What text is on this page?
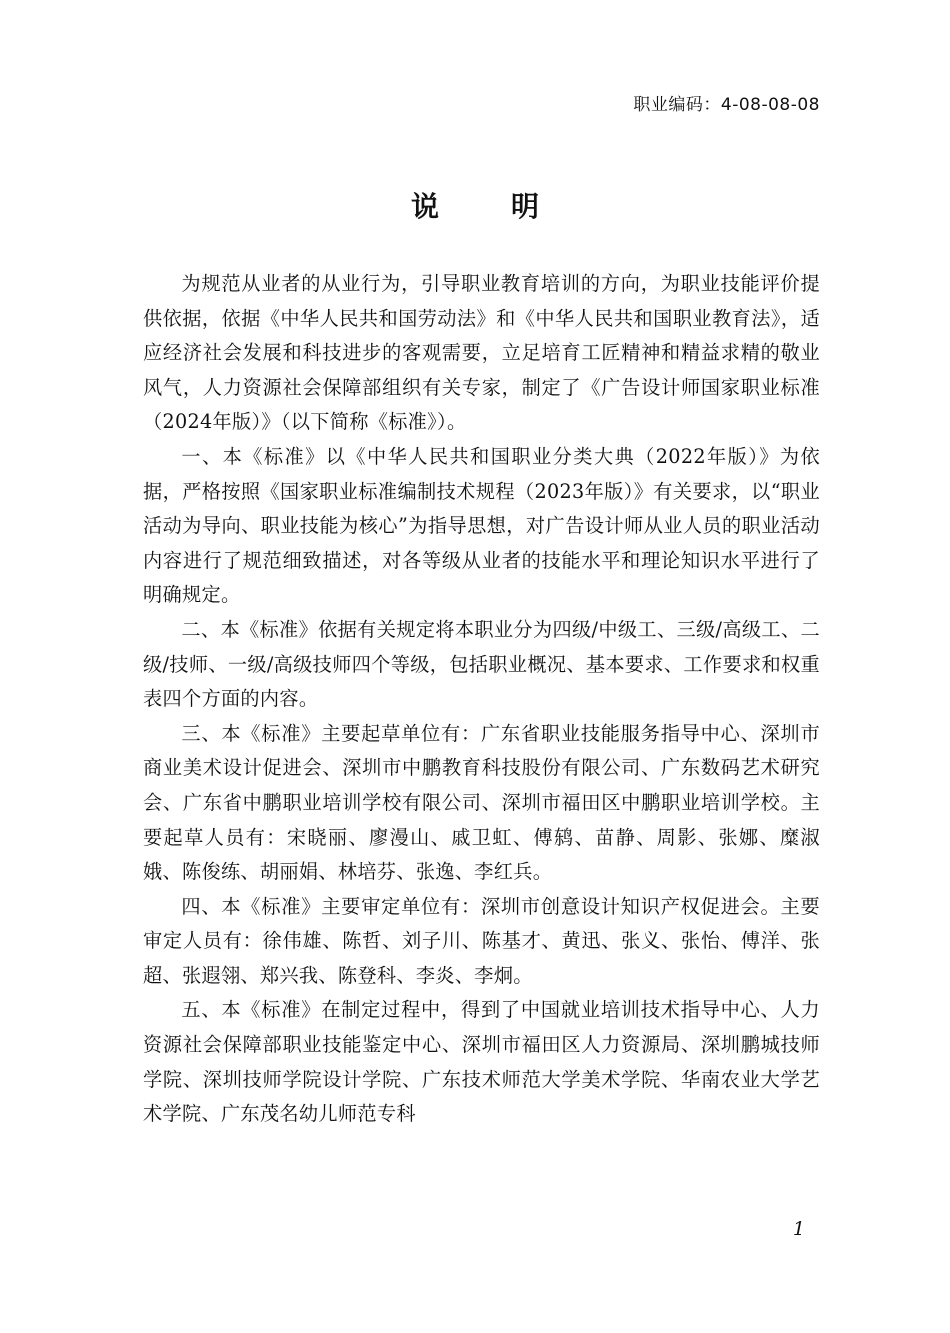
职业编码：4-08-08-08
说明

为规范从业者的从业行为，引导职业教育培训的方向，为职业技能评价提供依据，依据《中华人民共和国劳动法》和《中华人民共和国职业教育法》，适应经济社会发展和科技进步的客观需要，立足培育工匠精神和精益求精的敬业风气，人力资源社会保障部组织有关专家，制定了《广告设计师国家职业标准（2024年版）》（以下简称《标准》）。

一、本《标准》以《中华人民共和国职业分类大典（2022年版）》为依据，严格按照《国家职业标准编制技术规程（2023年版）》有关要求，以“职业活动为导向、职业技能为核心”为指导思想，对广告设计师从业人员的职业活动内容进行了规范细致描述，对各等级从业者的技能水平和理论知识水平进行了明确规定。

二、本《标准》依据有关规定将本职业分为四级/中级工、三级/高级工、二级/技师、一级/高级技师四个等级，包括职业概况、基本要求、工作要求和权重表四个方面的内容。

三、本《标准》主要起草单位有：广东省职业技能服务指导中心、深圳市商业美术设计促进会、深圳市中鹏教育科技股份有限公司、广东数码艺术研究会、广东省中鹏职业培训学校有限公司、深圳市福田区中鹏职业培训学校。主要起草人员有：宋晓丽、廖漫山、戚卫虹、傅鸫、苗静、周影、张娜、糜淑娥、陈俊练、胡丽娟、林培芬、张逸、李红兵。

四、本《标准》主要审定单位有：深圳市创意设计知识产权促进会。主要审定人员有：徐伟雄、陈哲、刘子川、陈基才、黄迅、张义、张怡、傅洋、张超、张遐翎、郑兴我、陈登科、李炎、李炯。

五、本《标准》在制定过程中，得到了中国就业培训技术指导中心、人力资源社会保障部职业技能鉴定中心、深圳市福田区人力资源局、深圳鹏城技师学院、深圳技师学院设计学院、广东技术师范大学美术学院、华南农业大学艺术学院、广东茂名幼儿师范专科

1
